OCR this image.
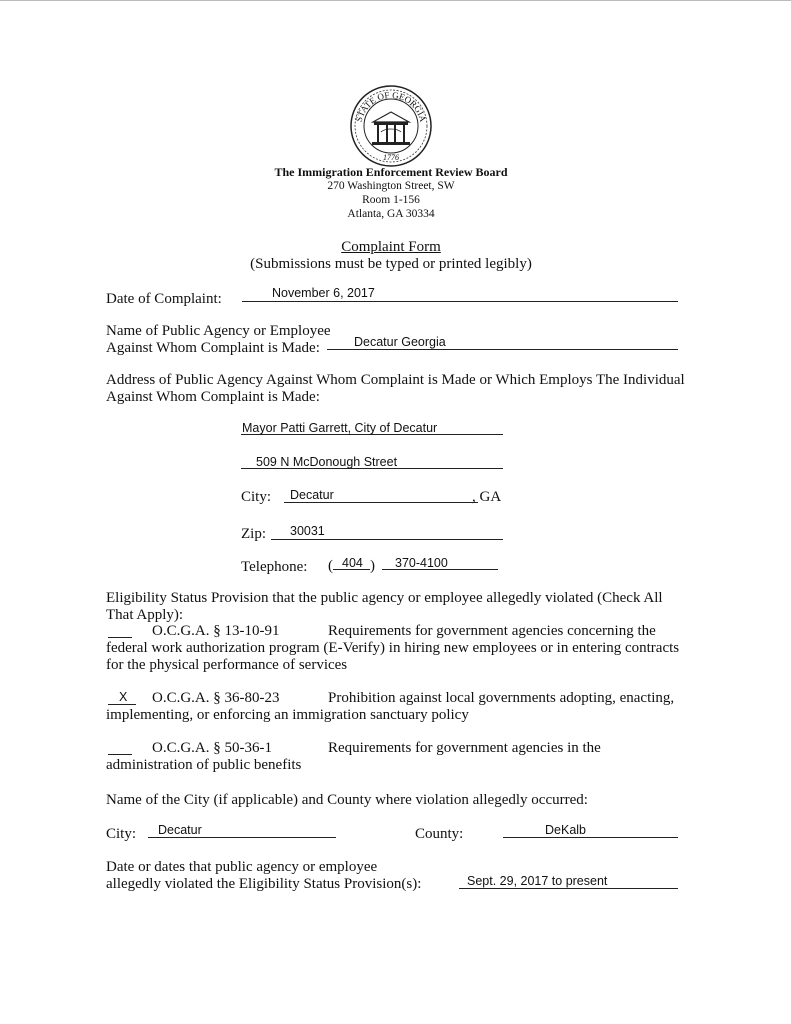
STATE OF GEORGIA
1776
The Immigration Enforcement Review Board
270 Washington Street, SW
Room 1-156
Atlanta, GA 30334
Complaint Form
(Submissions must be typed or printed legibly)
Date of Complaint:	November 6, 2017
Name of Public Agency or Employee
Against Whom Complaint is Made:	Decatur Georgia
Address of Public Agency Against Whom Complaint is Made or Which Employs The Individual
Against Whom Complaint is Made:
Mayor Patti Garrett, City of Decatur
509 N McDonough Street
City: Decatur	, GA
Zip: 30031
Telephone: ( 404 ) 370-4100
Eligibility Status Provision that the public agency or employee allegedly violated (Check All
That Apply):
O.C.G.A. § 13-10-91	Requirements for government agencies concerning the
federal work authorization program (E-Verify) in hiring new employees or in entering contracts
for the physical performance of services
X O.C.G.A. § 36-80-23	Prohibition against local governments adopting, enacting,
implementing, or enforcing an immigration sanctuary policy
O.C.G.A. § 50-36-1	Requirements for government agencies in the
administration of public benefits
Name of the City (if applicable) and County where violation allegedly occurred:
City: Decatur	County:	DeKalb
Date or dates that public agency or employee
allegedly violated the Eligibility Status Provision(s):	Sept. 29, 2017 to present
